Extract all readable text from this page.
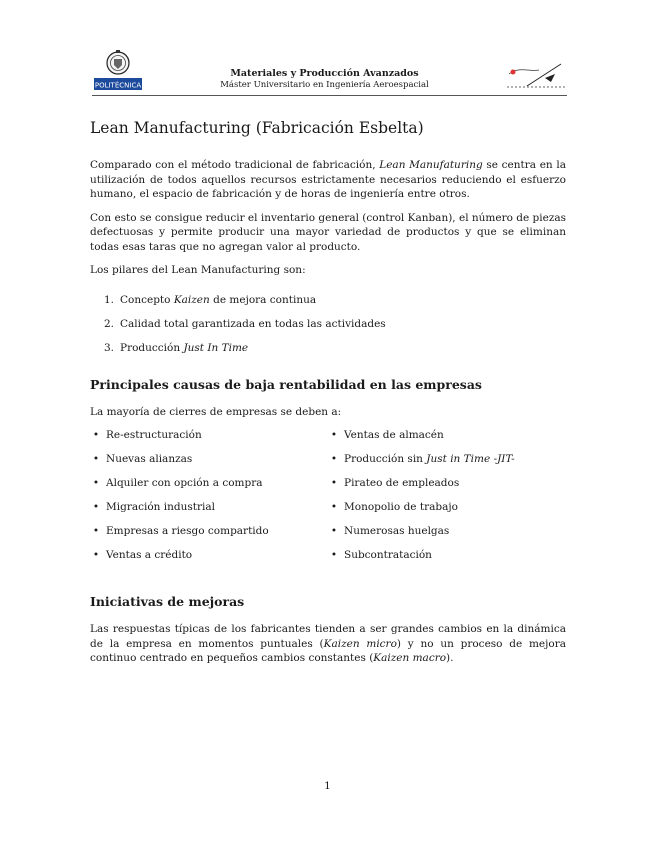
POLITÉCNICA
Materiales y Producción Avanzados
Máster Universitario en Ingeniería Aeroespacial
Lean Manufacturing (Fabricación Esbelta)

Comparado con el método tradicional de fabricación, Lean Manufaturing se centra en la utilización de todos aquellos recursos estrictamente necesarios reduciendo el esfuerzo humano, el espacio de fabricación y de horas de ingeniería entre otros.

Con esto se consigue reducir el inventario general (control Kanban), el número de piezas defectuosas y permite producir una mayor variedad de productos y que se eliminan todas esas taras que no agregan valor al producto.

Los pilares del Lean Manufacturing son:

1. Concepto Kaizen de mejora continua
2. Calidad total garantizada en todas las actividades
3. Producción Just In Time
Principales causas de baja rentabilidad en las empresas

La mayoría de cierres de empresas se deben a:

• Re-estructuración
• Nuevas alianzas
• Alquiler con opción a compra
• Migración industrial
• Empresas a riesgo compartido
• Ventas a crédito
• Ventas de almacén
• Producción sin Just in Time -JIT-
• Pirateo de empleados
• Monopolio de trabajo
• Numerosas huelgas
• Subcontratación
Iniciativas de mejoras

Las respuestas típicas de los fabricantes tienden a ser grandes cambios en la dinámica de la empresa en momentos puntuales (Kaizen micro) y no un proceso de mejora continuo centrado en pequeños cambios constantes (Kaizen macro).

1
